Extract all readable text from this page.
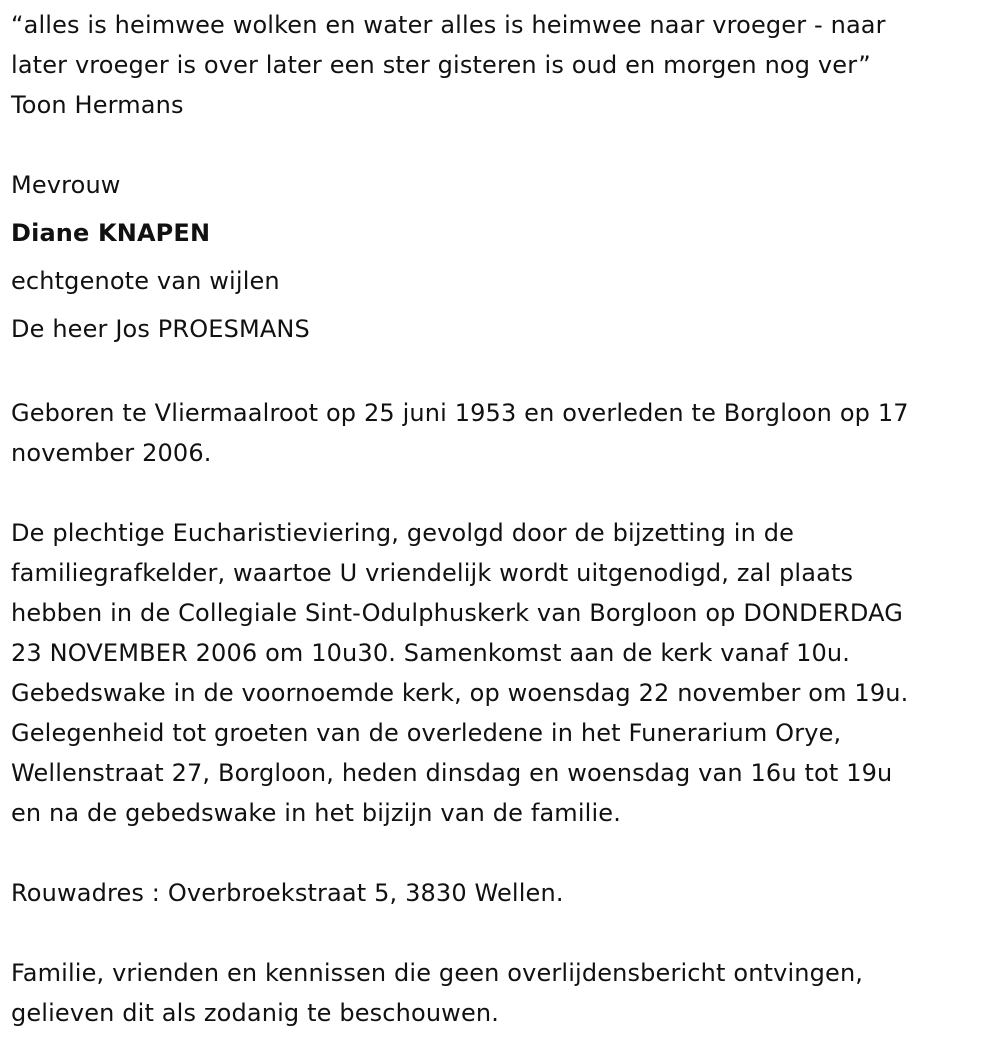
“alles is heimwee wolken en water alles is heimwee naar vroeger - naar
later vroeger is over later een ster gisteren is oud en morgen nog ver”
Toon Hermans
Mevrouw
Diane KNAPEN
echtgenote van wijlen
De heer Jos PROESMANS
Geboren te Vliermaalroot op 25 juni 1953 en overleden te Borgloon op 17
november 2006.
De plechtige Eucharistieviering, gevolgd door de bijzetting in de
familiegrafkelder, waartoe U vriendelijk wordt uitgenodigd, zal plaats
hebben in de Collegiale Sint-Odulphuskerk van Borgloon op DONDERDAG
23 NOVEMBER 2006 om 10u30. Samenkomst aan de kerk vanaf 10u.
Gebedswake in de voornoemde kerk, op woensdag 22 november om 19u.
Gelegenheid tot groeten van de overledene in het Funerarium Orye,
Wellenstraat 27, Borgloon, heden dinsdag en woensdag van 16u tot 19u
en na de gebedswake in het bijzijn van de familie.
Rouwadres : Overbroekstraat 5, 3830 Wellen.
Familie, vrienden en kennissen die geen overlijdensbericht ontvingen,
gelieven dit als zodanig te beschouwen.
